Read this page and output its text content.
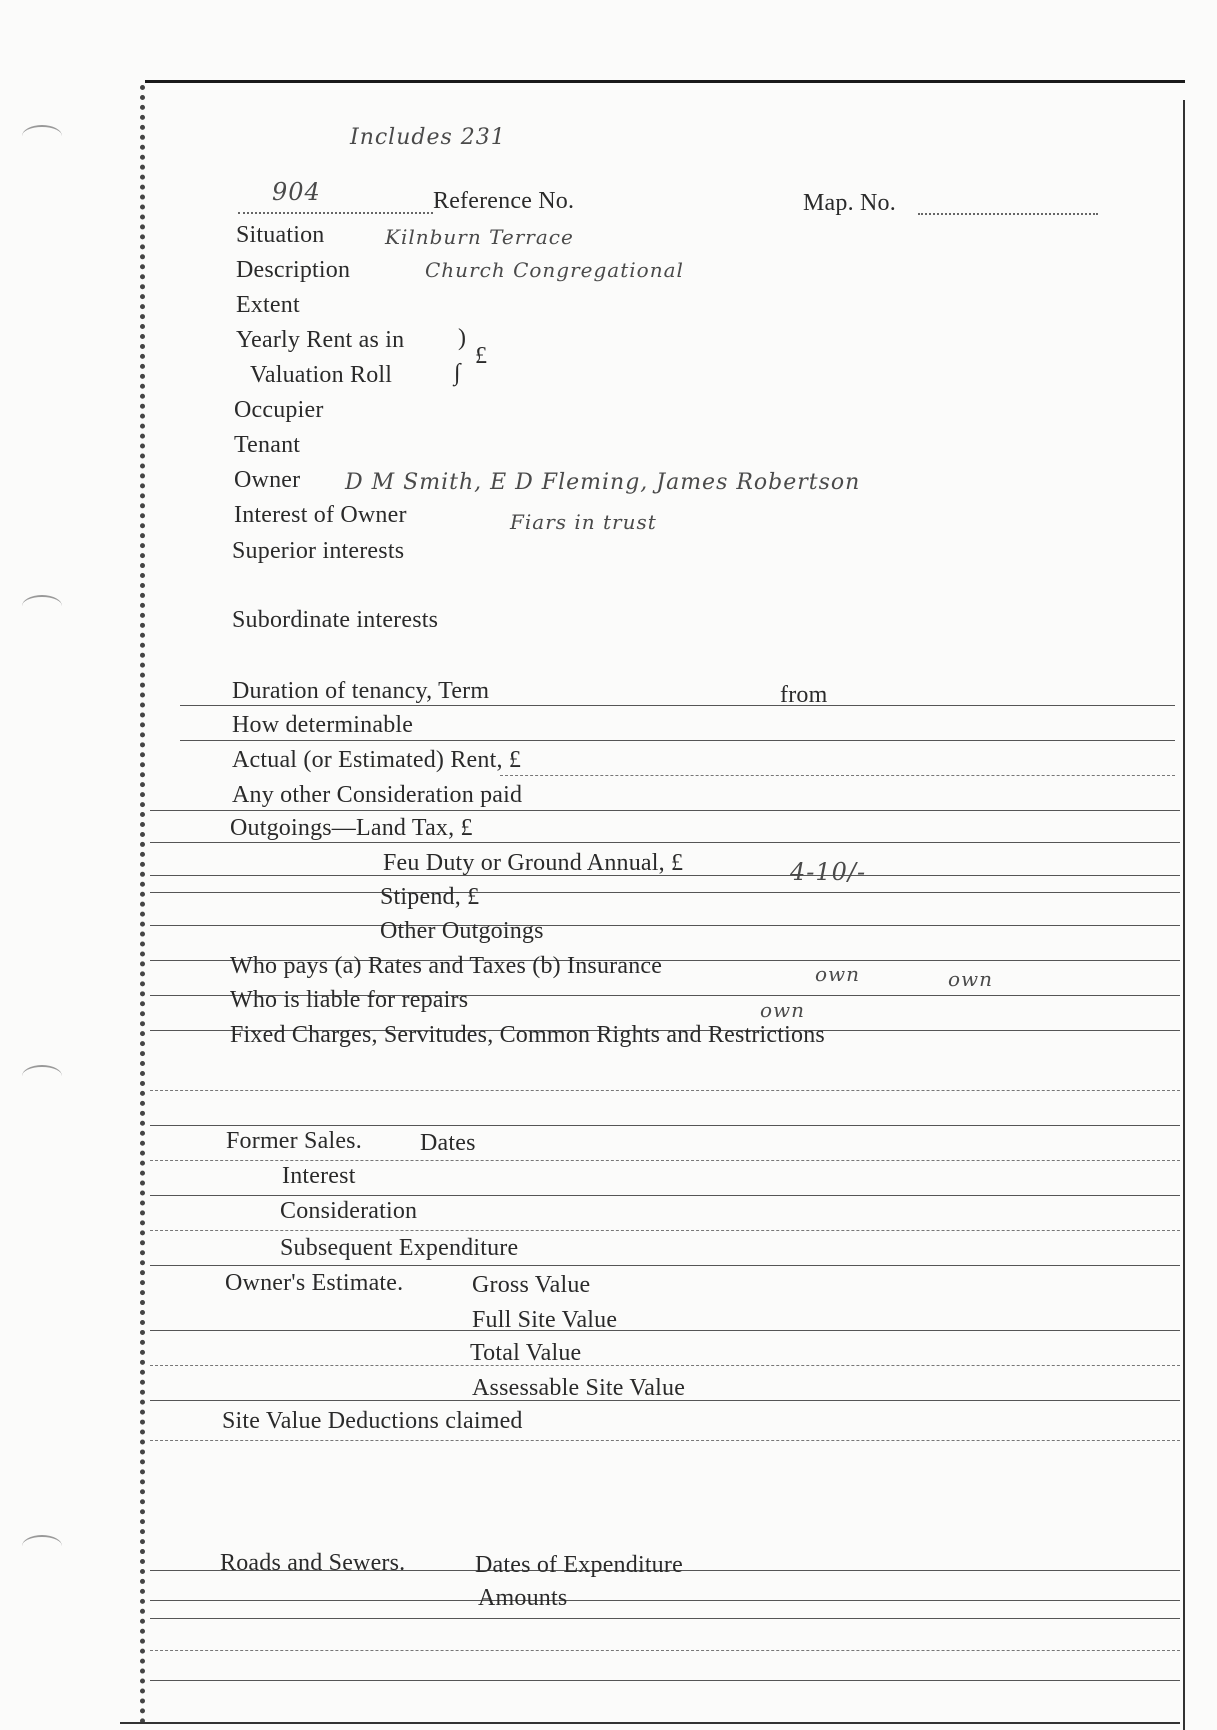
Includes 231
904	Reference No.	Map. No.
Situation	Kilnburn Terrace
Description	Church Congregational
Extent
Yearly Rent as in
Valuation Roll
)
∫
£
Occupier
Tenant
Owner D M Smith, E D Fleming, James Robertson
Interest of Owner	Fiars in trust
Superior interests
Subordinate interests
Duration of tenancy, Term	from
How determinable
Actual (or Estimated) Rent, £
Any other Consideration paid
Outgoings—Land Tax, £
Feu Duty or Ground Annual, £	4-10/-
Stipend, £
Other Outgoings
Who pays (a) Rates and Taxes (b) Insurance	own	own
Who is liable for repairs	own
Fixed Charges, Servitudes, Common Rights and Restrictions
Former Sales. Dates
Interest
Consideration
Subsequent Expenditure
Owner's Estimate.	Gross Value
Full Site Value
Total Value
Assessable Site Value
Site Value Deductions claimed
Roads and Sewers.	Dates of Expenditure
Amounts
